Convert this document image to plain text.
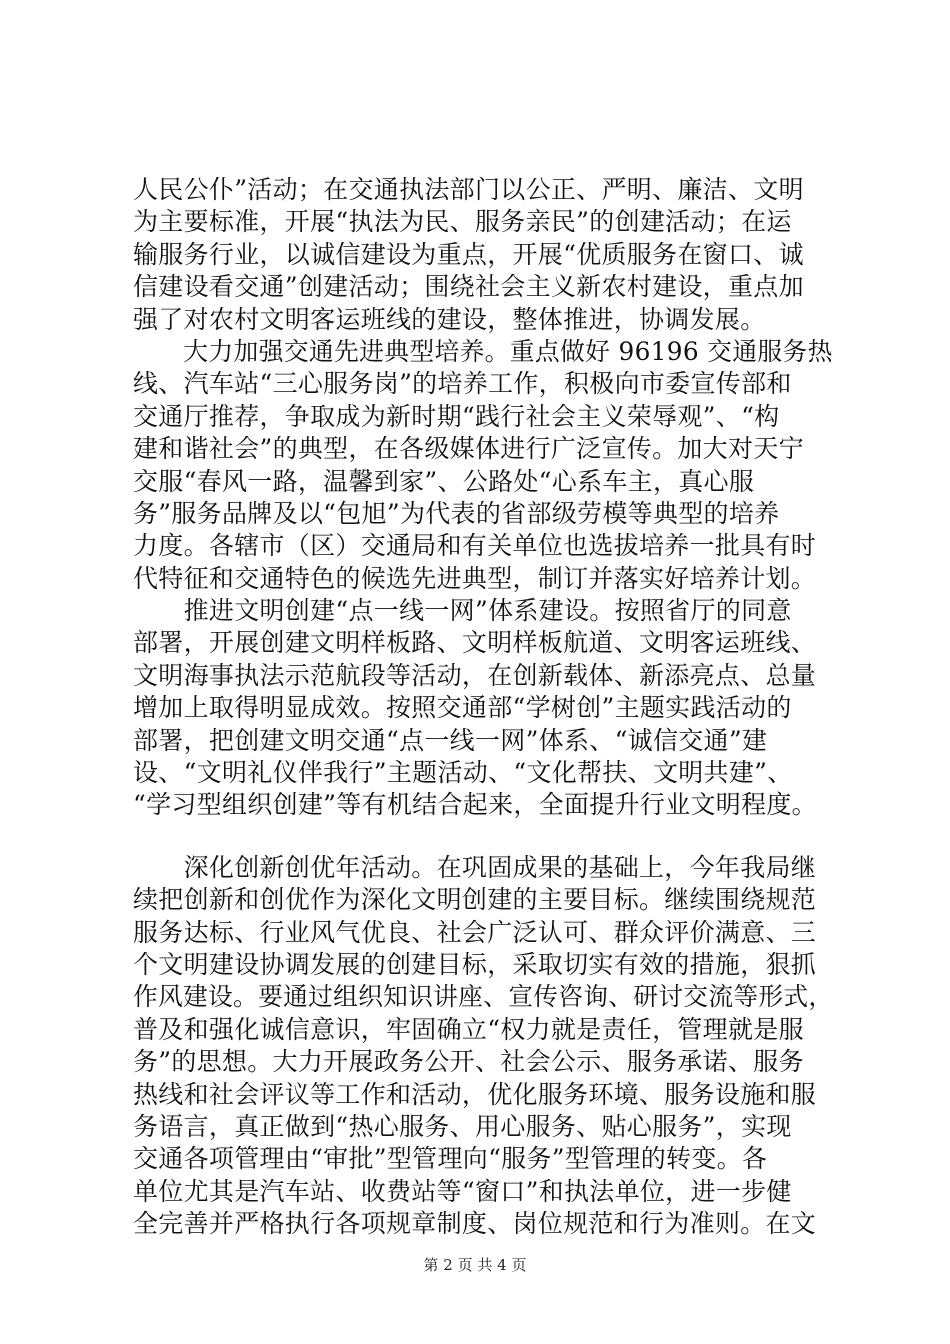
人民公仆”活动；在交通执法部门以公正、严明、廉洁、文明
为主要标准，开展“执法为民、服务亲民”的创建活动；在运
输服务行业，以诚信建设为重点，开展“优质服务在窗口、诚
信建设看交通”创建活动；围绕社会主义新农村建设，重点加
强了对农村文明客运班线的建设，整体推进，协调发展。
　　大力加强交通先进典型培养。重点做好 96196 交通服务热
线、汽车站“三心服务岗”的培养工作，积极向市委宣传部和
交通厅推荐，争取成为新时期“践行社会主义荣辱观”、“构
建和谐社会”的典型，在各级媒体进行广泛宣传。加大对天宁
交服“春风一路，温馨到家”、公路处“心系车主，真心服
务”服务品牌及以“包旭”为代表的省部级劳模等典型的培养
力度。各辖市（区）交通局和有关单位也选拔培养一批具有时
代特征和交通特色的候选先进典型，制订并落实好培养计划。
　　推进文明创建“点一线一网”体系建设。按照省厅的同意
部署，开展创建文明样板路、文明样板航道、文明客运班线、
文明海事执法示范航段等活动，在创新载体、新添亮点、总量
增加上取得明显成效。按照交通部“学树创”主题实践活动的
部署，把创建文明交通“点一线一网”体系、“诚信交通”建
设、“文明礼仪伴我行”主题活动、“文化帮扶、文明共建”、
“学习型组织创建”等有机结合起来，全面提升行业文明程度。
　　深化创新创优年活动。在巩固成果的基础上，今年我局继
续把创新和创优作为深化文明创建的主要目标。继续围绕规范
服务达标、行业风气优良、社会广泛认可、群众评价满意、三
个文明建设协调发展的创建目标，采取切实有效的措施，狠抓
作风建设。要通过组织知识讲座、宣传咨询、研讨交流等形式，
普及和强化诚信意识，牢固确立“权力就是责任，管理就是服
务”的思想。大力开展政务公开、社会公示、服务承诺、服务
热线和社会评议等工作和活动，优化服务环境、服务设施和服
务语言，真正做到“热心服务、用心服务、贴心服务”，实现
交通各项管理由“审批”型管理向“服务”型管理的转变。各
单位尤其是汽车站、收费站等“窗口”和执法单位，进一步健
全完善并严格执行各项规章制度、岗位规范和行为准则。在文
第 2 页 共 4 页
